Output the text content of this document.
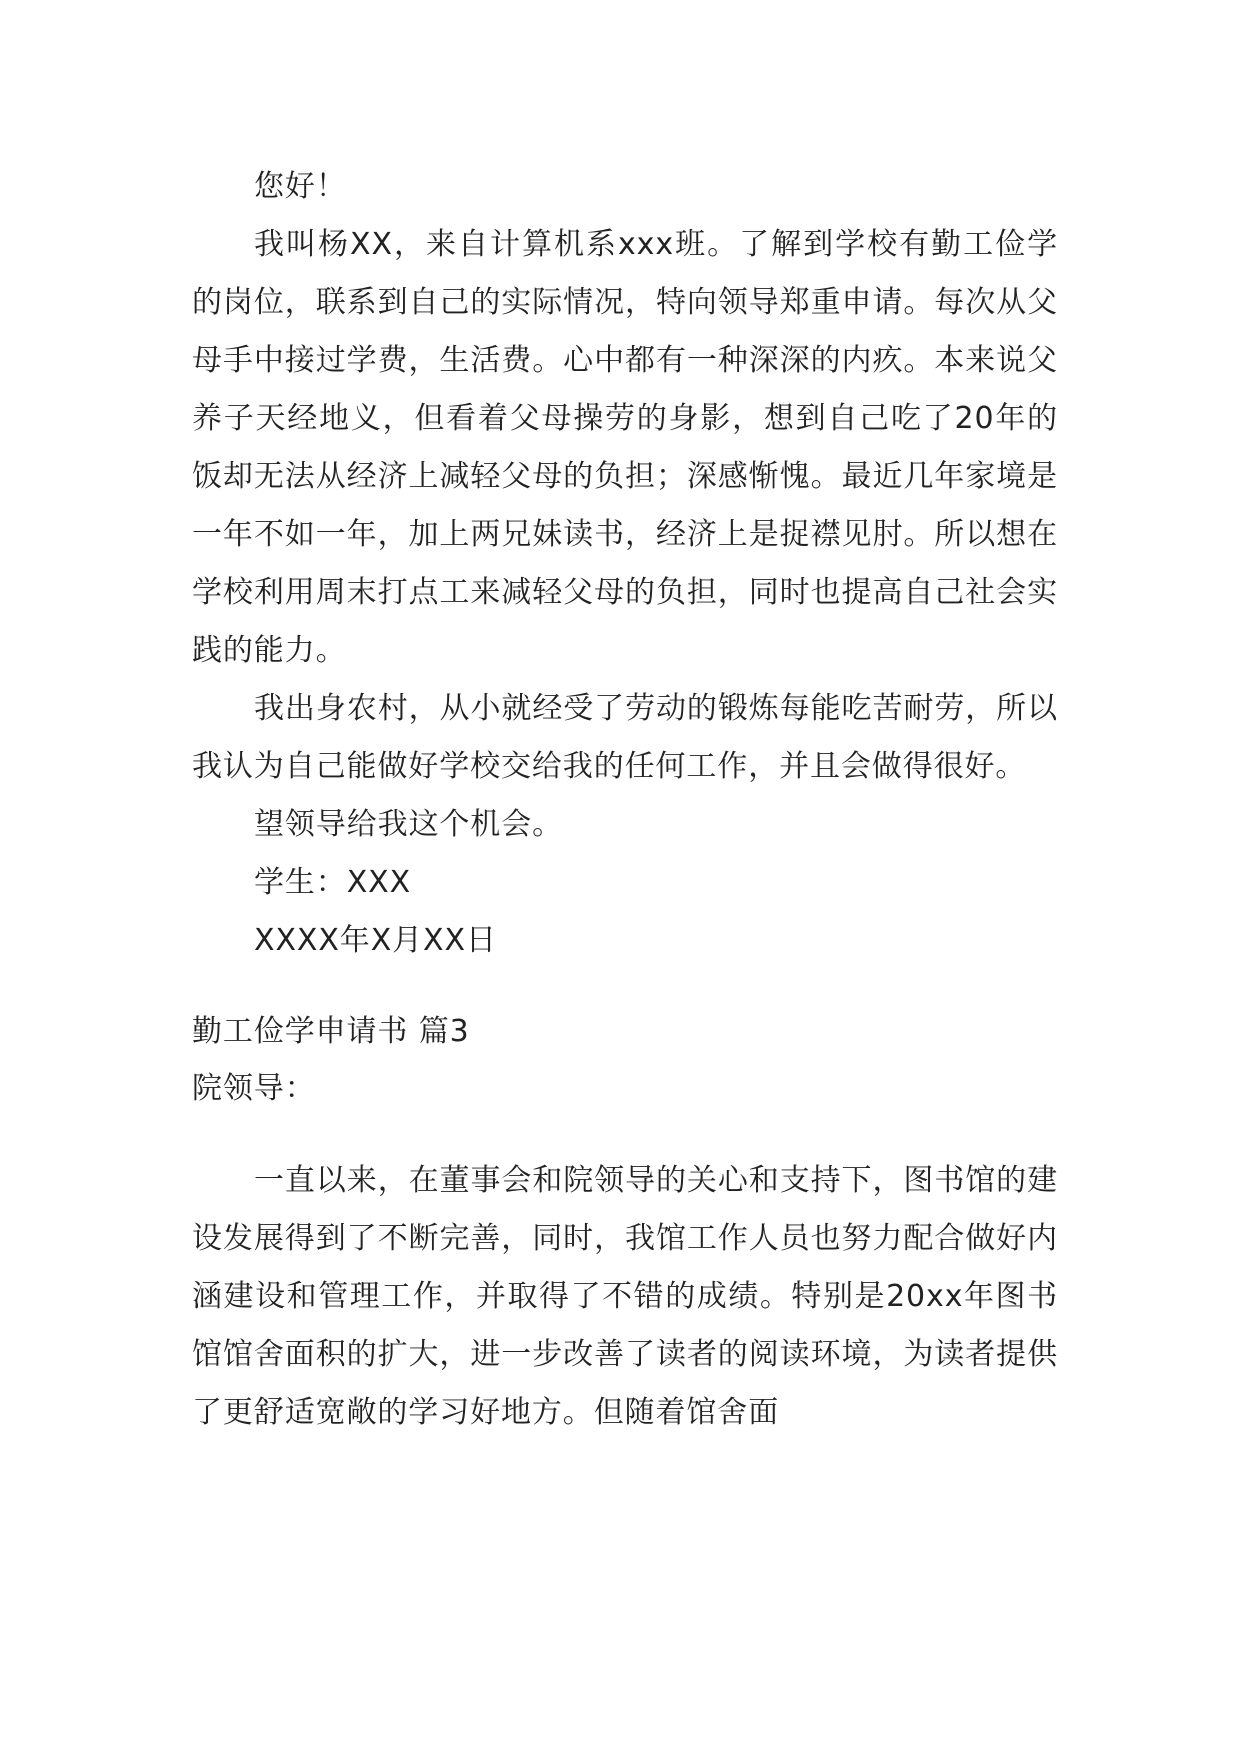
您好！

我叫杨XX，来自计算机系xxx班。了解到学校有勤工俭学的岗位，联系到自己的实际情况，特向领导郑重申请。每次从父母手中接过学费，生活费。心中都有一种深深的内疚。本来说父养子天经地义，但看着父母操劳的身影，想到自己吃了20年的饭却无法从经济上减轻父母的负担；深感惭愧。最近几年家境是一年不如一年，加上两兄妹读书，经济上是捉襟见肘。所以想在学校利用周末打点工来减轻父母的负担，同时也提高自己社会实践的能力。

我出身农村，从小就经受了劳动的锻炼每能吃苦耐劳，所以我认为自己能做好学校交给我的任何工作，并且会做得很好。

望领导给我这个机会。

学生：XXX

XXXX年X月XX日

勤工俭学申请书 篇3

院领导：

一直以来，在董事会和院领导的关心和支持下，图书馆的建设发展得到了不断完善，同时，我馆工作人员也努力配合做好内涵建设和管理工作，并取得了不错的成绩。特别是20xx年图书馆馆舍面积的扩大，进一步改善了读者的阅读环境，为读者提供了更舒适宽敞的学习好地方。但随着馆舍面
